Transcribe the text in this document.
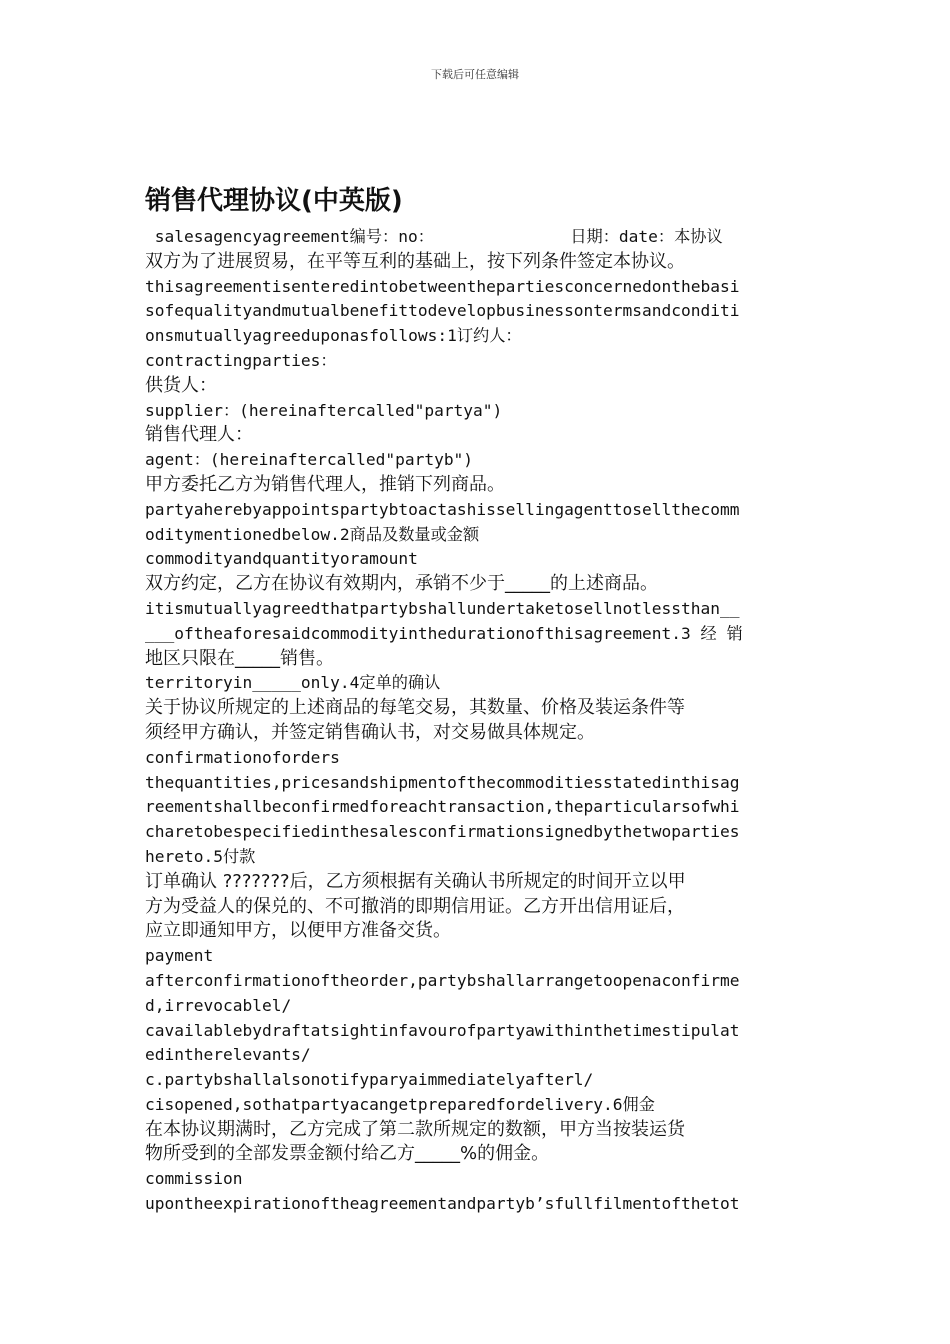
下载后可任意编辑
销售代理协议(中英版)
salesagencyagreement编号：no：              日期：date：本协议
双方为了进展贸易，在平等互利的基础上，按下列条件签定本协议。
thisagreementisenteredintobetweenthepartiesconcernedonthebasi
sofequalityandmutualbenefittodevelopbusinessontermsandconditi
onsmutuallyagreeduponasfollows:1订约人：
contractingparties：
供货人：
supplier：(hereinaftercalled"partya")
销售代理人：
agent：(hereinaftercalled"partyb")
甲方委托乙方为销售代理人，推销下列商品。
partyaherebyappointspartybtoactashissellingagenttosellthecomm
oditymentionedbelow.2商品及数量或金额
commodityandquantityoramount
双方约定，乙方在协议有效期内，承销不少于_____的上述商品。
itismutuallyagreedthatpartybshallundertaketosellnotlessthan__
___oftheaforesaidcommodityinthedurationofthisagreement.3 经 销
地区只限在_____销售。
territoryin_____only.4定单的确认
关于协议所规定的上述商品的每笔交易，其数量、价格及装运条件等
须经甲方确认，并签定销售确认书，对交易做具体规定。
confirmationoforders
thequantities,pricesandshipmentofthecommoditiesstatedinthisag
reementshallbeconfirmedforeachtransaction,theparticularsofwhi
charetobespecifiedinthesalesconfirmationsignedbythetwoparties
hereto.5付款
订单确认 ???????后，乙方须根据有关确认书所规定的时间开立以甲
方为受益人的保兑的、不可撤消的即期信用证。乙方开出信用证后，
应立即通知甲方，以便甲方准备交货。
payment
afterconfirmationoftheorder,partybshallarrangetoopenaconfirme
d,irrevocablel/
cavailablebydraftatsightinfavourofpartyawithinthetimestipulat
edintherelevants/
c.partybshallalsonotifyparyaimmediatelyafterl/
cisopened,sothatpartyacangetpreparedfordelivery.6佣金
在本协议期满时，乙方完成了第二款所规定的数额，甲方当按装运货
物所受到的全部发票金额付给乙方_____%的佣金。
commission
upontheexpirationoftheagreementandpartyb’sfullfilmentofthetot
